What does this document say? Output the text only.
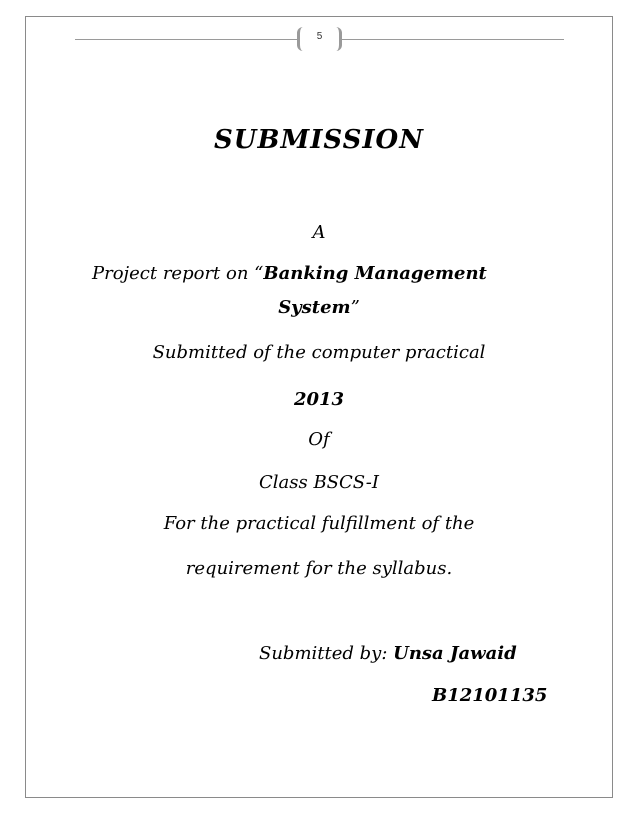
5
SUBMISSION
A
Project report on “Banking Management
System”
Submitted of the computer practical
2013
Of
Class BSCS-I
For the practical fulfillment of the
requirement for the syllabus.
Submitted by: Unsa Jawaid
B12101135
